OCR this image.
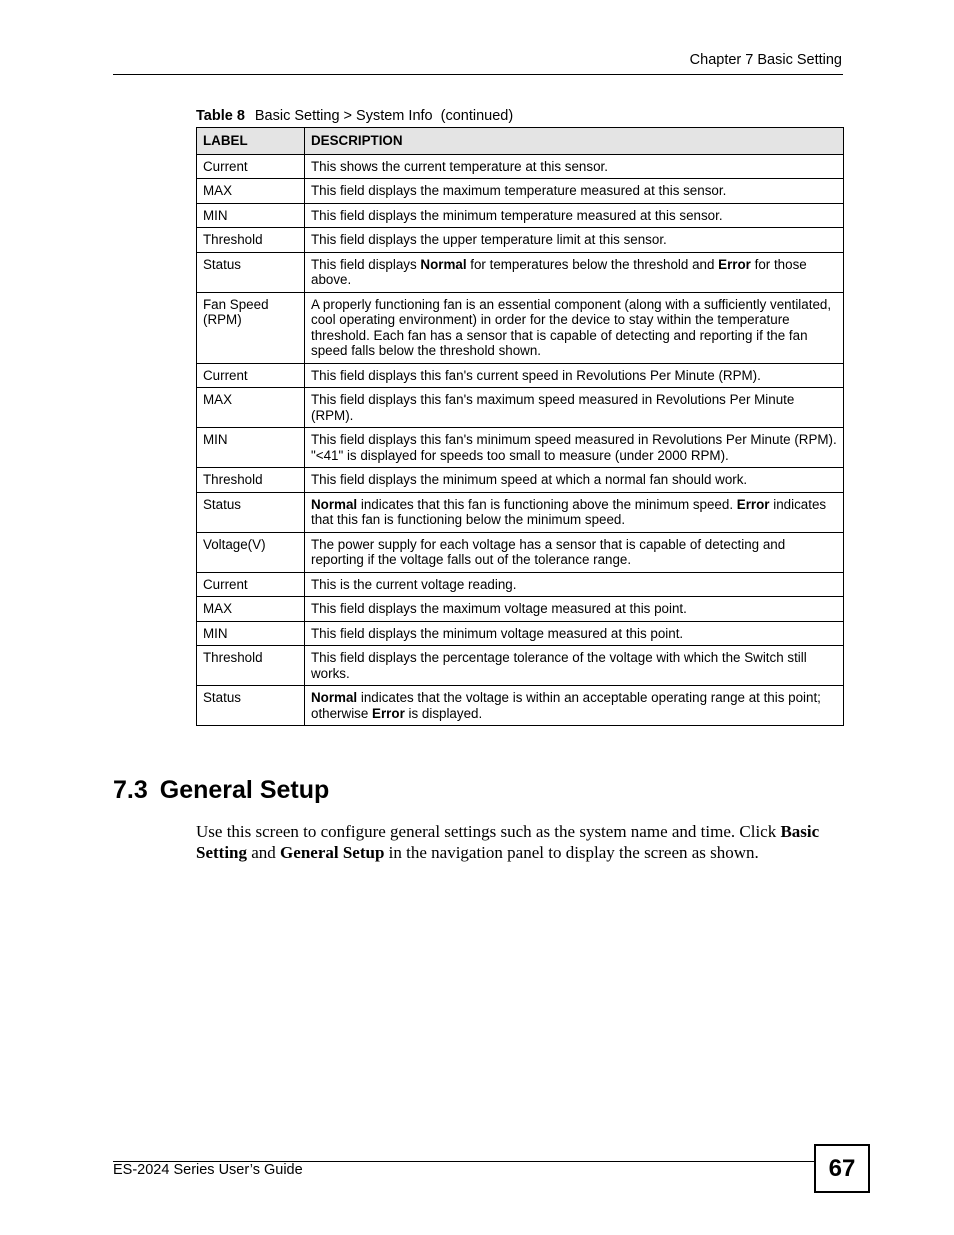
Chapter 7 Basic Setting
Table 8 Basic Setting > System Info  (continued)
LABEL	DESCRIPTION
Current	This shows the current temperature at this sensor.
MAX	This field displays the maximum temperature measured at this sensor.
MIN	This field displays the minimum temperature measured at this sensor.
Threshold	This field displays the upper temperature limit at this sensor.
Status	This field displays Normal for temperatures below the threshold and Error for those above.
Fan Speed (RPM)	A properly functioning fan is an essential component (along with a sufficiently ventilated, cool operating environment) in order for the device to stay within the temperature threshold. Each fan has a sensor that is capable of detecting and reporting if the fan speed falls below the threshold shown.
Current	This field displays this fan's current speed in Revolutions Per Minute (RPM).
MAX	This field displays this fan's maximum speed measured in Revolutions Per Minute (RPM).
MIN	This field displays this fan's minimum speed measured in Revolutions Per Minute (RPM). "<41" is displayed for speeds too small to measure (under 2000 RPM).
Threshold	This field displays the minimum speed at which a normal fan should work.
Status	Normal indicates that this fan is functioning above the minimum speed. Error indicates that this fan is functioning below the minimum speed.
Voltage(V)	The power supply for each voltage has a sensor that is capable of detecting and reporting if the voltage falls out of the tolerance range.
Current	This is the current voltage reading.
MAX	This field displays the maximum voltage measured at this point.
MIN	This field displays the minimum voltage measured at this point.
Threshold	This field displays the percentage tolerance of the voltage with which the Switch still works.
Status	Normal indicates that the voltage is within an acceptable operating range at this point; otherwise Error is displayed.
7.3 General Setup
Use this screen to configure general settings such as the system name and time. Click Basic Setting and General Setup in the navigation panel to display the screen as shown.
ES-2024 Series User’s Guide	67
